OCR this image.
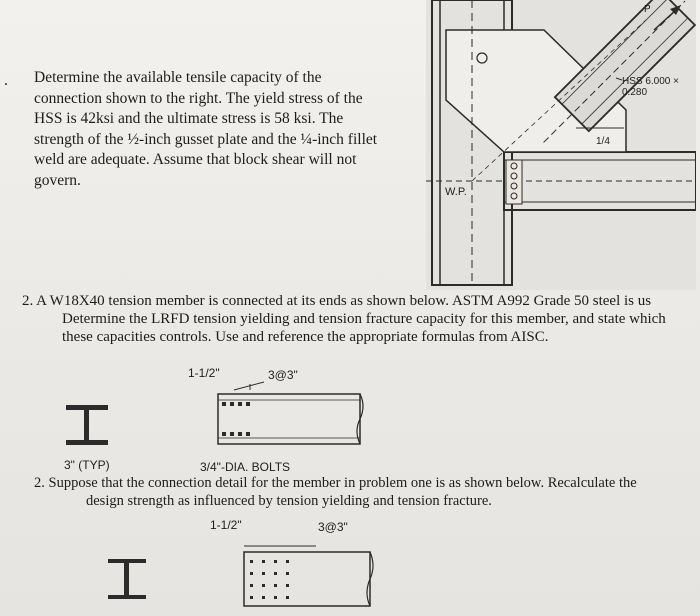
. Determine the available tensile capacity of the
connection shown to the right. The yield stress of the
HSS is 42ksi and the ultimate stress is 58 ksi. The
strength of the ½-inch gusset plate and the ¼-inch fillet
weld are adequate. Assume that block shear will not
govern.
HSS 6.000 × 0.280
1/4
W.P.
P
2. A W18X40 tension member is connected at its ends as shown below. ASTM A992 Grade 50 steel is us
Determine the LRFD tension yielding and tension fracture capacity for this member, and state which
these capacities controls. Use and reference the appropriate formulas from AISC.
1-1/2"	3@3"
3" (TYP)	3/4"-DIA. BOLTS
2. Suppose that the connection detail for the member in problem one is as shown below. Recalculate the
design strength as influenced by tension yielding and tension fracture.
1-1/2"	3@3"
